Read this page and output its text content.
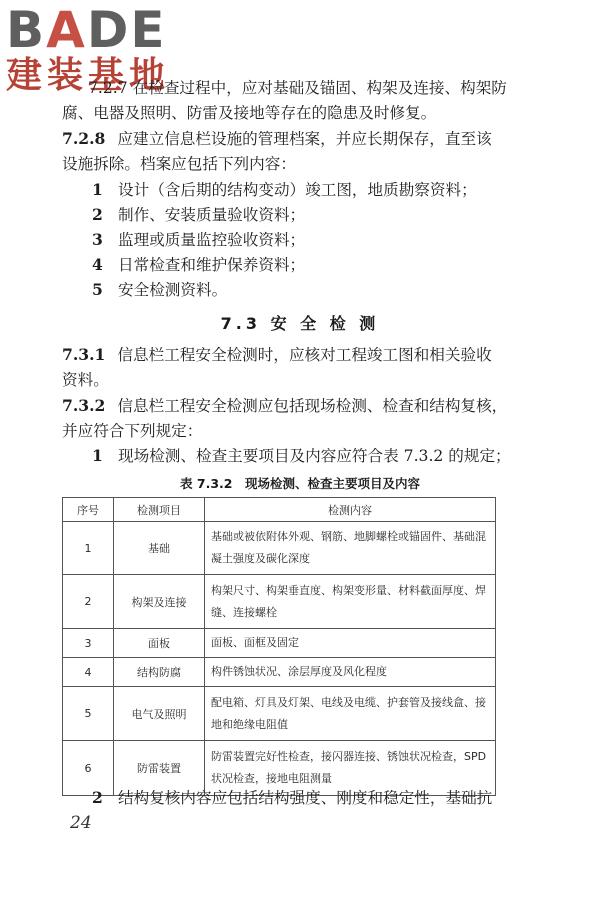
BADE
建装基地
7.2.7 在检查过程中，应对基础及锚固、构架及连接、构架防
腐、电器及照明、防雷及接地等存在的隐患及时修复。
7.2.8 应建立信息栏设施的管理档案，并应长期保存，直至该
设施拆除。档案应包括下列内容：
1 设计（含后期的结构变动）竣工图，地质勘察资料；
2 制作、安装质量验收资料；
3 监理或质量监控验收资料；
4 日常检查和维护保养资料；
5 安全检测资料。
7.3 安 全 检 测
7.3.1 信息栏工程安全检测时，应核对工程竣工图和相关验收
资料。
7.3.2 信息栏工程安全检测应包括现场检测、检查和结构复核，
并应符合下列规定：
1 现场检测、检查主要项目及内容应符合表 7.3.2 的规定；
表 7.3.2　现场检测、检查主要项目及内容
序号	检测项目	检测内容
1	基础	基础或被依附体外观、钢筋、地脚螺栓或锚固件、基础混凝土强度及碳化深度
2	构架及连接	构架尺寸、构架垂直度、构架变形量、材料截面厚度、焊缝、连接螺栓
3	面板	面板、面框及固定
4	结构防腐	构件锈蚀状况、涂层厚度及风化程度
5	电气及照明	配电箱、灯具及灯架、电线及电缆、护套管及接线盒、接地和绝缘电阻值
6	防雷装置	防雷装置完好性检查，接闪器连接、锈蚀状况检查，SPD 状况检查，接地电阻测量
2 结构复核内容应包括结构强度、刚度和稳定性，基础抗
24
